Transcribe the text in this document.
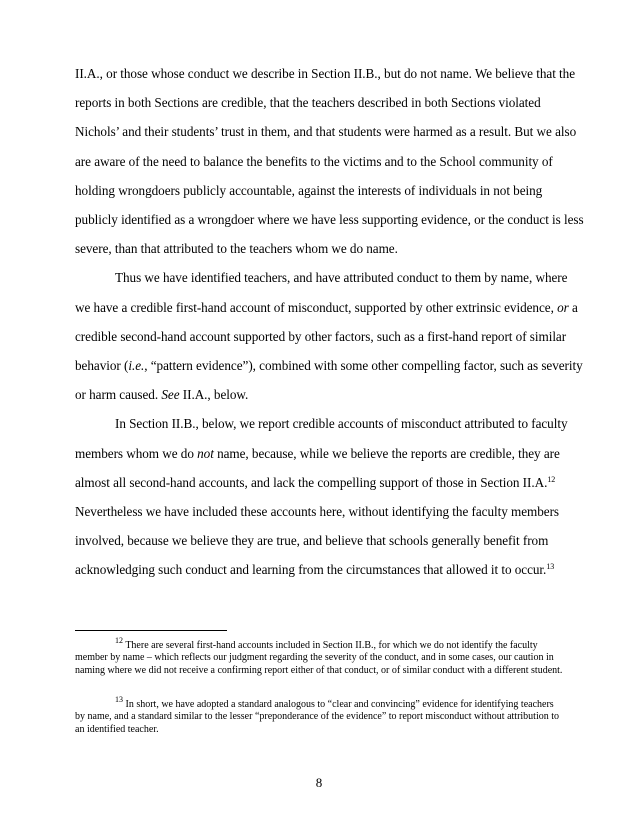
II.A., or those whose conduct we describe in Section II.B., but do not name. We believe that the
reports in both Sections are credible, that the teachers described in both Sections violated
Nichols’ and their students’ trust in them, and that students were harmed as a result. But we also
are aware of the need to balance the benefits to the victims and to the School community of
holding wrongdoers publicly accountable, against the interests of individuals in not being
publicly identified as a wrongdoer where we have less supporting evidence, or the conduct is less
severe, than that attributed to the teachers whom we do name.
Thus we have identified teachers, and have attributed conduct to them by name, where
we have a credible first-hand account of misconduct, supported by other extrinsic evidence, or a
credible second-hand account supported by other factors, such as a first-hand report of similar
behavior (i.e., “pattern evidence”), combined with some other compelling factor, such as severity
or harm caused. See II.A., below.
In Section II.B., below, we report credible accounts of misconduct attributed to faculty
members whom we do not name, because, while we believe the reports are credible, they are
almost all second-hand accounts, and lack the compelling support of those in Section II.A.$^{12}$
Nevertheless we have included these accounts here, without identifying the faculty members
involved, because we believe they are true, and believe that schools generally benefit from
$^{12}$ There are several first-hand accounts included in Section II.B., for which we do not identify the faculty member by name – which reflects our judgment regarding the severity of the conduct, and in some cases, our caution in naming where we did not receive a confirming report either of that conduct, or of similar conduct with a different student.
$^{13}$ In short, we have adopted a standard analogous to “clear and convincing” evidence for identifying teachers by name, and a standard similar to the lesser “preponderance of the evidence” to report misconduct without attribution to an identified teacher.
8
acknowledging such conduct and learning from the circumstances that allowed it to occur.$^{13}$
